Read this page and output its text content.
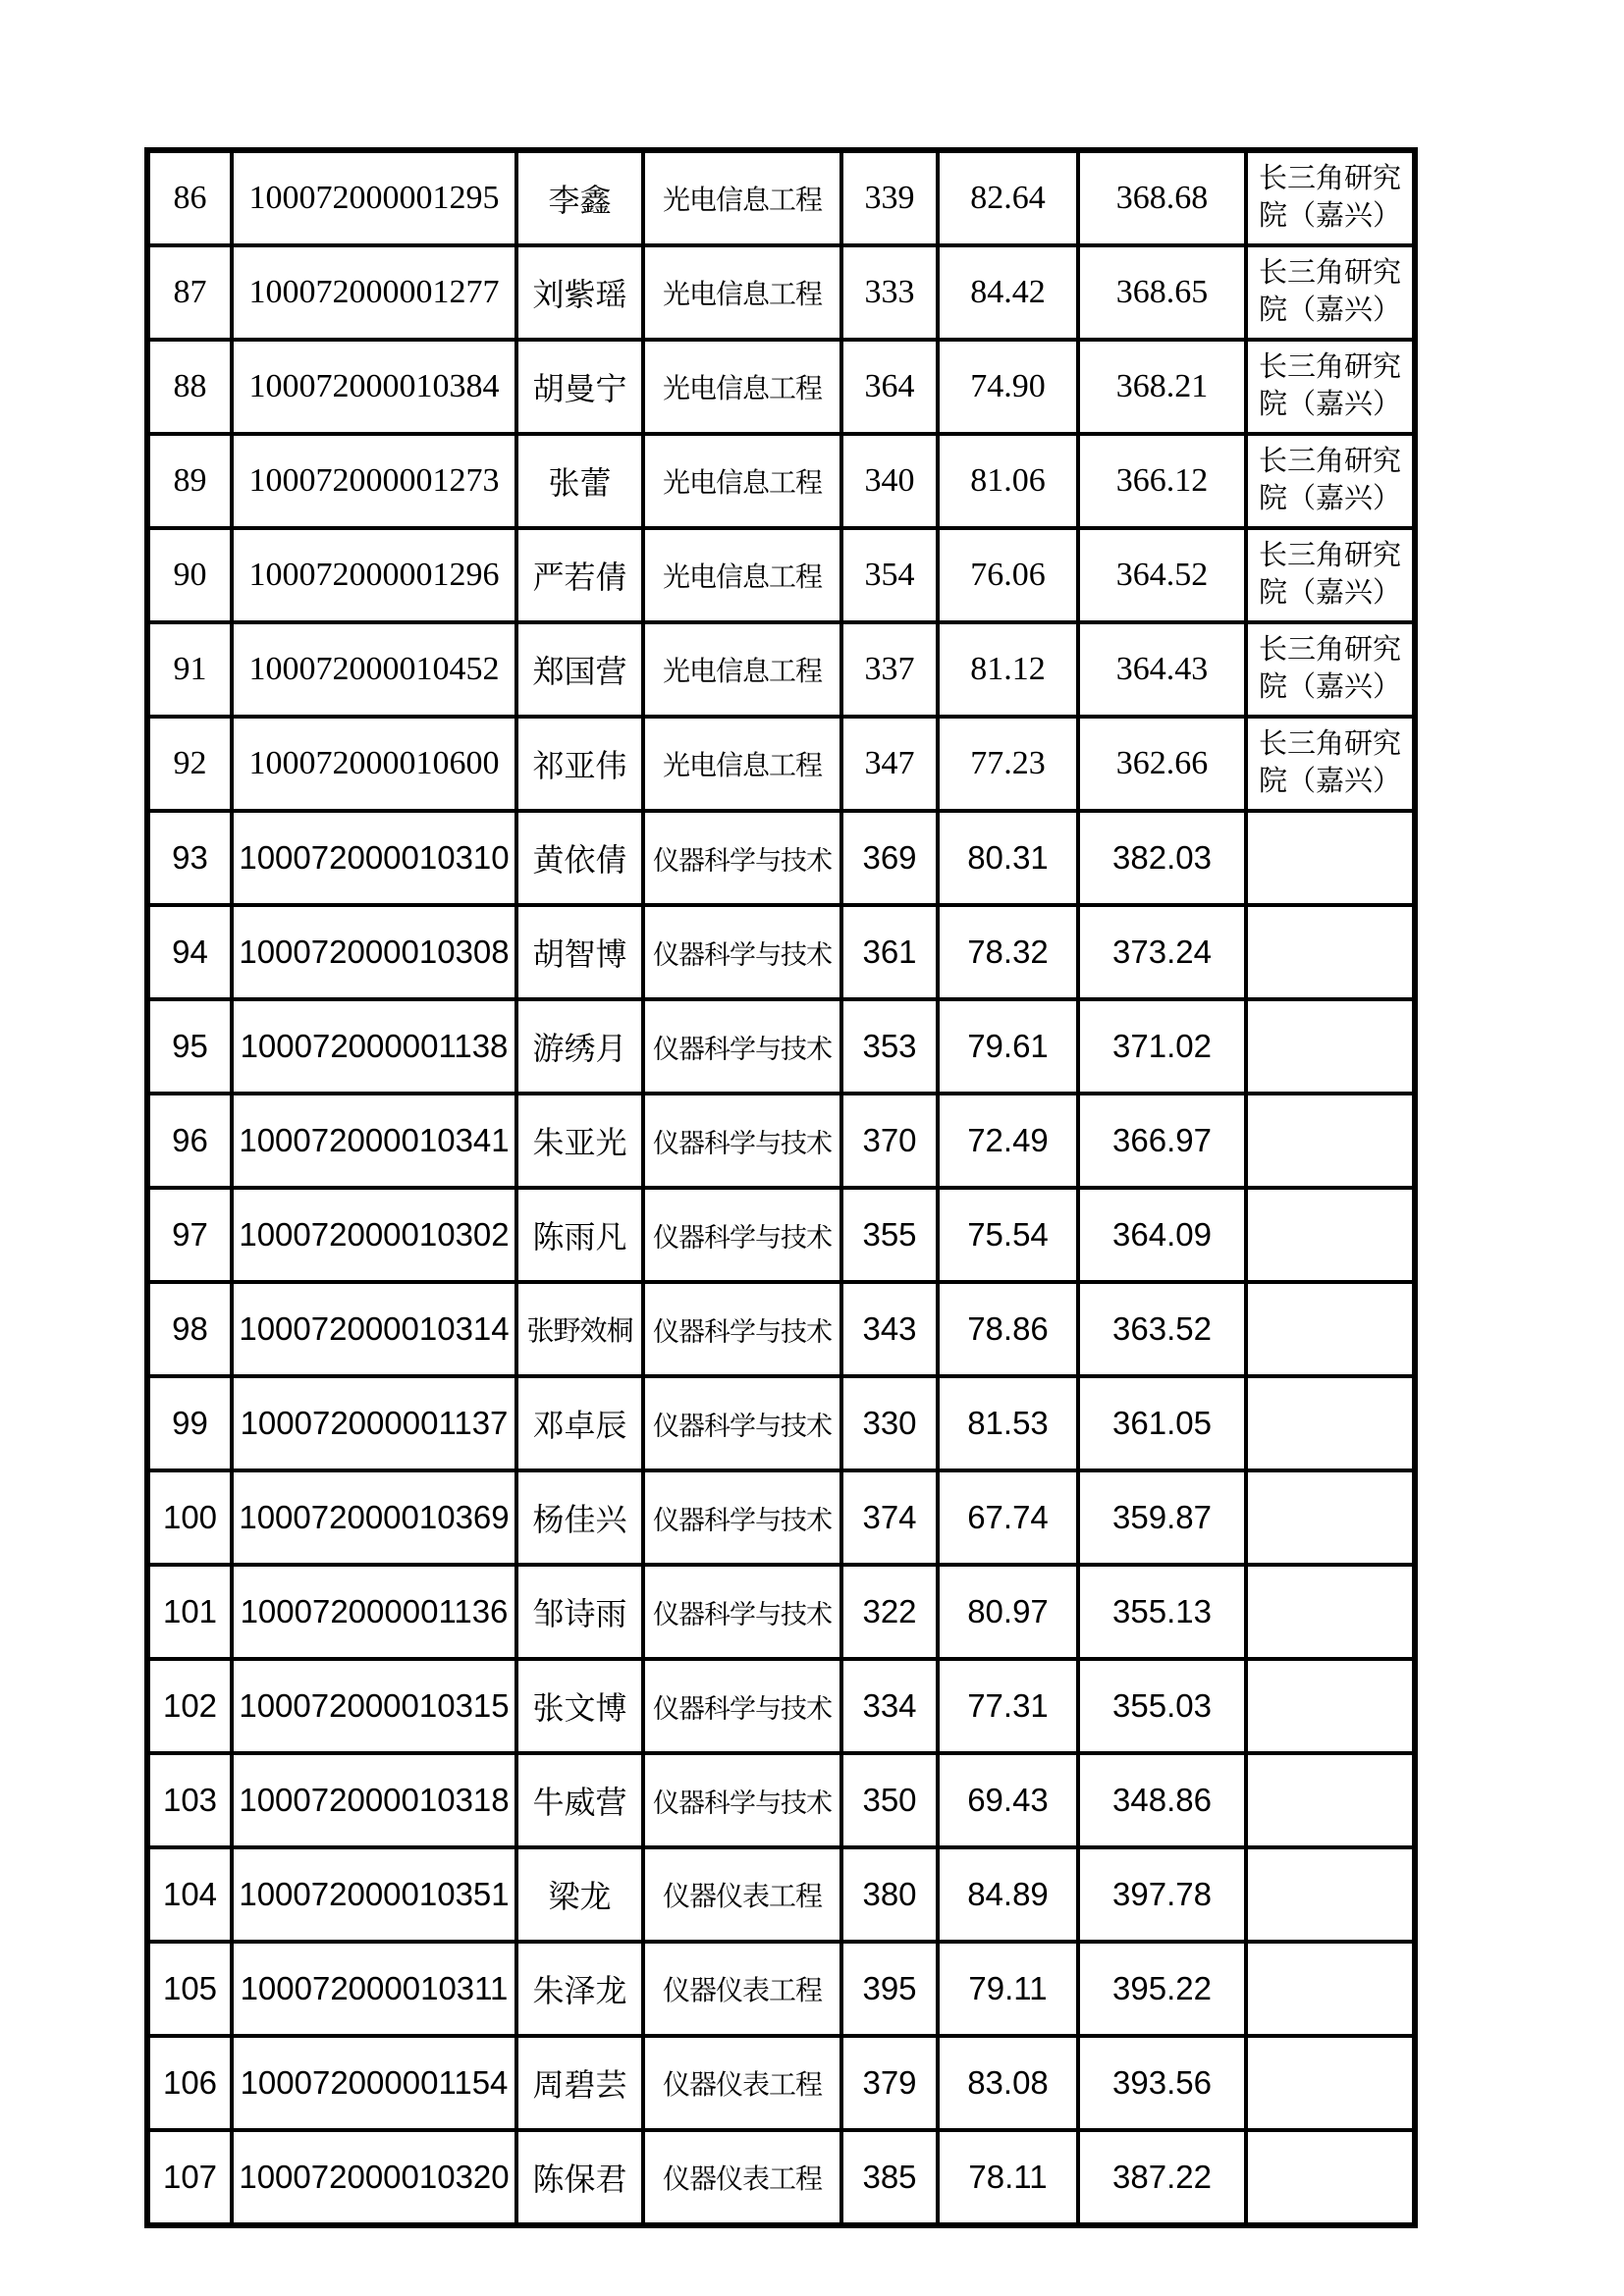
86	100072000001295	李鑫	光电信息工程	339	82.64	368.68	长三角研究院（嘉兴）
87	100072000001277	刘紫瑶	光电信息工程	333	84.42	368.65	长三角研究院（嘉兴）
88	100072000010384	胡曼宁	光电信息工程	364	74.90	368.21	长三角研究院（嘉兴）
89	100072000001273	张蕾	光电信息工程	340	81.06	366.12	长三角研究院（嘉兴）
90	100072000001296	严若倩	光电信息工程	354	76.06	364.52	长三角研究院（嘉兴）
91	100072000010452	郑国营	光电信息工程	337	81.12	364.43	长三角研究院（嘉兴）
92	100072000010600	祁亚伟	光电信息工程	347	77.23	362.66	长三角研究院（嘉兴）
93	100072000010310	黄依倩	仪器科学与技术	369	80.31	382.03	
94	100072000010308	胡智博	仪器科学与技术	361	78.32	373.24	
95	100072000001138	游绣月	仪器科学与技术	353	79.61	371.02	
96	100072000010341	朱亚光	仪器科学与技术	370	72.49	366.97	
97	100072000010302	陈雨凡	仪器科学与技术	355	75.54	364.09	
98	100072000010314	张野效桐	仪器科学与技术	343	78.86	363.52	
99	100072000001137	邓卓辰	仪器科学与技术	330	81.53	361.05	
100	100072000010369	杨佳兴	仪器科学与技术	374	67.74	359.87	
101	100072000001136	邹诗雨	仪器科学与技术	322	80.97	355.13	
102	100072000010315	张文博	仪器科学与技术	334	77.31	355.03	
103	100072000010318	牛威营	仪器科学与技术	350	69.43	348.86	
104	100072000010351	梁龙	仪器仪表工程	380	84.89	397.78	
105	100072000010311	朱泽龙	仪器仪表工程	395	79.11	395.22	
106	100072000001154	周碧芸	仪器仪表工程	379	83.08	393.56	
107	100072000010320	陈保君	仪器仪表工程	385	78.11	387.22	
